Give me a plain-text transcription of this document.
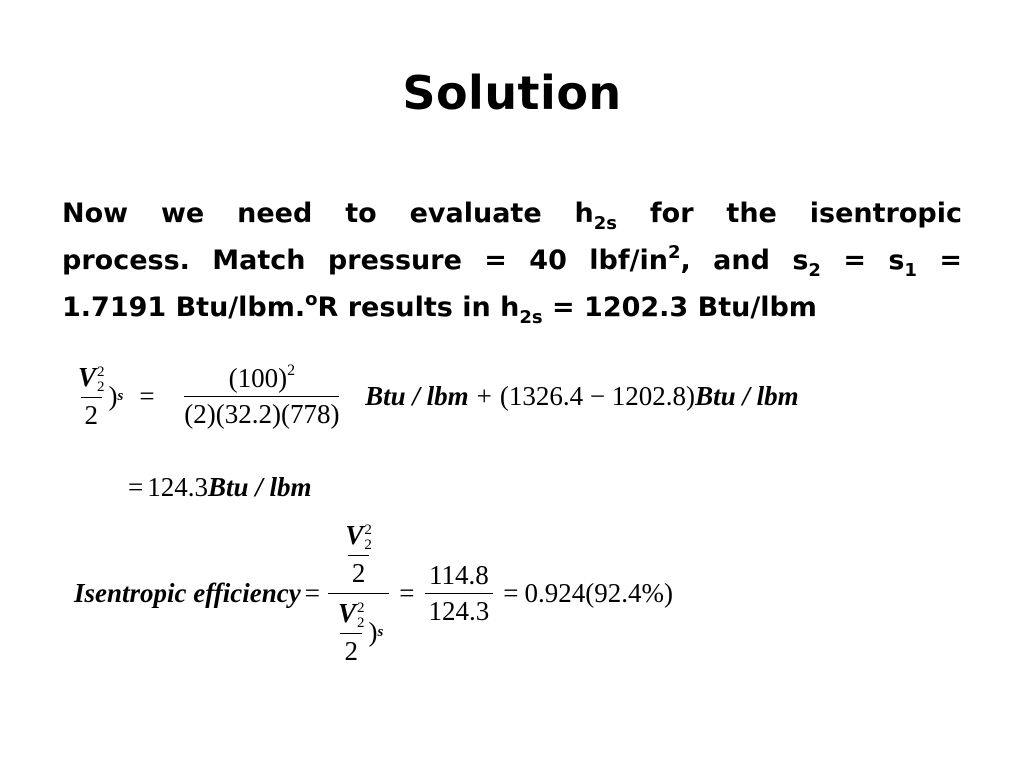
Solution
Now we need to evaluate $h_{2s}$ for the isentropic
process. Match pressure = 40 lbf/$in^2$, and $s_2 = s_1$ =
1.7191 Btu/lbm.$^o$R results in $h_{2s} = 1202.3$ Btu/lbm
V 2
2
2 ) $s = \frac{(100)^2}{(2)(32.2)(778)}$ Btu / lbm + (1326.4 − 1202.8) Btu / lbm
= 124.3 Btu / lbm
Isentropic efficiency = V 2
2
2
V 2
2
2 ) $s = \frac{114.8}{124.3} = 0.924(92.4\%)$
